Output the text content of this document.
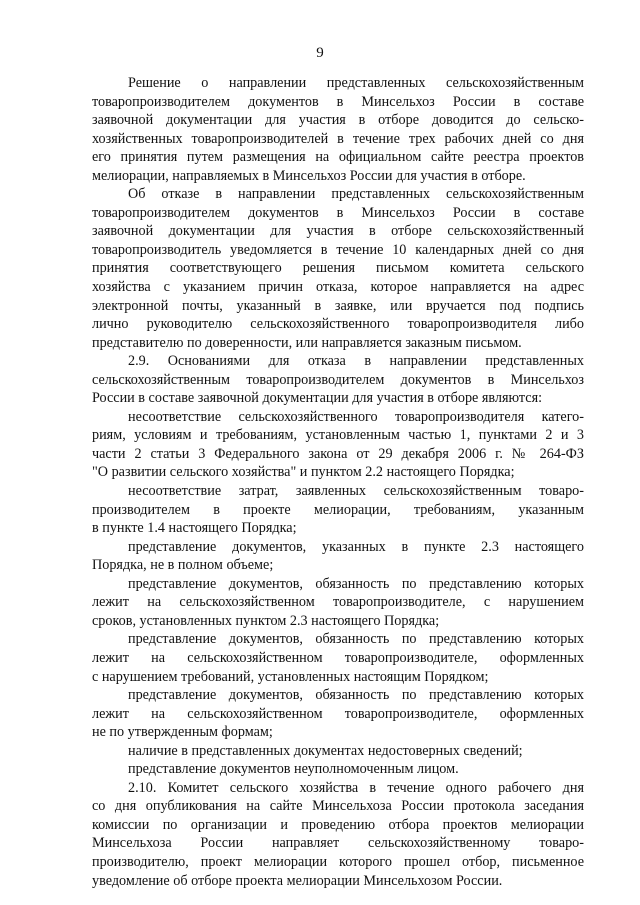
9
Решение о направлении представленных сельскохозяйственным
товаропроизводителем документов в Минсельхоз России в составе
заявочной документации для участия в отборе доводится до сельско-
хозяйственных товаропроизводителей в течение трех рабочих дней со дня
его принятия путем размещения на официальном сайте реестра проектов
мелиорации, направляемых в Минсельхоз России для участия в отборе.
Об отказе в направлении представленных сельскохозяйственным
товаропроизводителем документов в Минсельхоз России в составе
заявочной документации для участия в отборе сельскохозяйственный
товаропроизводитель уведомляется в течение 10 календарных дней со дня
принятия соответствующего решения письмом комитета сельского
хозяйства с указанием причин отказа, которое направляется на адрес
электронной почты, указанный в заявке, или вручается под подпись
лично руководителю сельскохозяйственного товаропроизводителя либо
представителю по доверенности, или направляется заказным письмом.
2.9. Основаниями для отказа в направлении представленных
сельскохозяйственным товаропроизводителем документов в Минсельхоз
России в составе заявочной документации для участия в отборе являются:
несоответствие сельскохозяйственного товаропроизводителя катего-
риям, условиям и требованиям, установленным частью 1, пунктами 2 и 3
части 2 статьи 3 Федерального закона от 29 декабря 2006 г. № 264-ФЗ
"О развитии сельского хозяйства" и пунктом 2.2 настоящего Порядка;
несоответствие затрат, заявленных сельскохозяйственным товаро-
производителем в проекте мелиорации, требованиям, указанным
в пункте 1.4 настоящего Порядка;
представление документов, указанных в пункте 2.3 настоящего
Порядка, не в полном объеме;
представление документов, обязанность по представлению которых
лежит на сельскохозяйственном товаропроизводителе, с нарушением
сроков, установленных пунктом 2.3 настоящего Порядка;
представление документов, обязанность по представлению которых
лежит на сельскохозяйственном товаропроизводителе, оформленных
с нарушением требований, установленных настоящим Порядком;
представление документов, обязанность по представлению которых
лежит на сельскохозяйственном товаропроизводителе, оформленных
не по утвержденным формам;
наличие в представленных документах недостоверных сведений;
представление документов неуполномоченным лицом.
2.10. Комитет сельского хозяйства в течение одного рабочего дня
со дня опубликования на сайте Минсельхоза России протокола заседания
комиссии по организации и проведению отбора проектов мелиорации
Минсельхоза России направляет сельскохозяйственному товаро-
производителю, проект мелиорации которого прошел отбор, письменное
уведомление об отборе проекта мелиорации Минсельхозом России.
